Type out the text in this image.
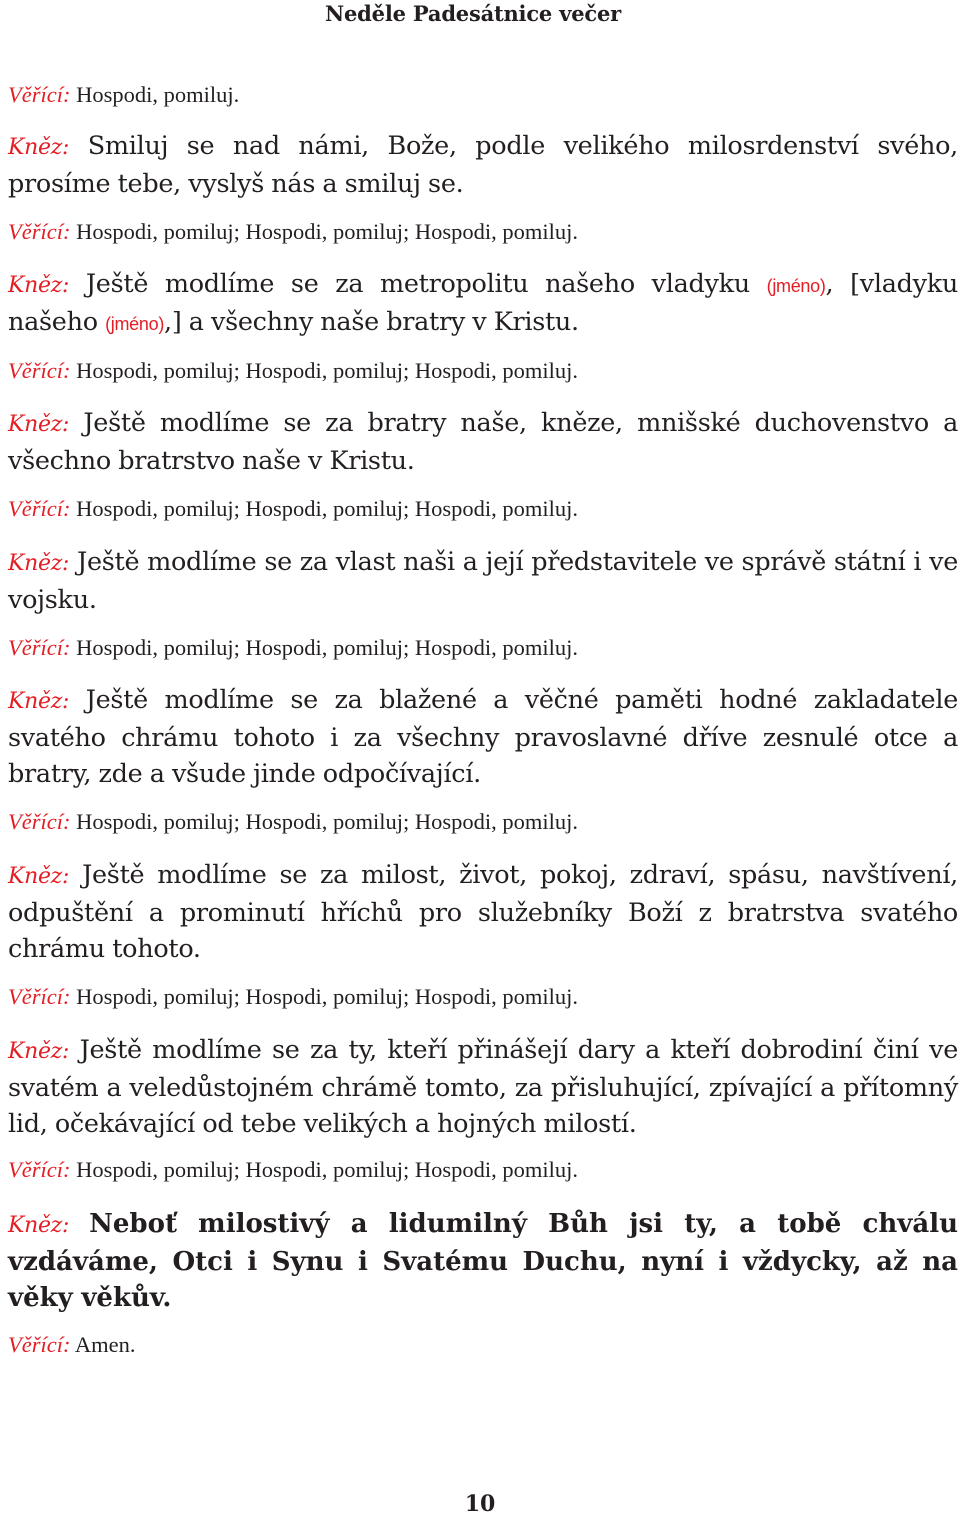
Neděle Padesátnice večer
Věřící: Hospodi, pomiluj.
Kněz: Smiluj se nad námi, Bože, podle velikého milosrdenství svého, prosíme tebe, vyslyš nás a smiluj se.
Věřící: Hospodi, pomiluj; Hospodi, pomiluj; Hospodi, pomiluj.
Kněz: Ještě modlíme se za metropolitu našeho vladyku (jméno), [vladyku našeho (jméno),] a všechny naše bratry v Kristu.
Věřící: Hospodi, pomiluj; Hospodi, pomiluj; Hospodi, pomiluj.
Kněz: Ještě modlíme se za bratry naše, kněze, mnišské duchovenstvo a všechno bratrstvo naše v Kristu.
Věřící: Hospodi, pomiluj; Hospodi, pomiluj; Hospodi, pomiluj.
Kněz: Ještě modlíme se za vlast naši a její představitele ve správě státní i ve vojsku.
Věřící: Hospodi, pomiluj; Hospodi, pomiluj; Hospodi, pomiluj.
Kněz: Ještě modlíme se za blažené a věčné paměti hodné zakladatele svatého chrámu tohoto i za všechny pravoslavné dříve zesnulé otce a bratry, zde a všude jinde odpočívající.
Věřící: Hospodi, pomiluj; Hospodi, pomiluj; Hospodi, pomiluj.
Kněz: Ještě modlíme se za milost, život, pokoj, zdraví, spásu, navštívení, odpuštění a prominutí hříchů pro služebníky Boží z bratrstva svatého chrámu tohoto.
Věřící: Hospodi, pomiluj; Hospodi, pomiluj; Hospodi, pomiluj.
Kněz: Ještě modlíme se za ty, kteří přinášejí dary a kteří dobrodiní činí ve svatém a veledůstojném chrámě tomto, za přisluhující, zpívající a přítomný lid, očekávající od tebe velikých a hojných milostí.
Věřící: Hospodi, pomiluj; Hospodi, pomiluj; Hospodi, pomiluj.
Kněz: Neboť milostivý a lidumilný Bůh jsi ty, a tobě chválu vzdáváme, Otci i Synu i Svatému Duchu, nyní i vždycky, až na věky věkův.
Věřící: Amen.
10
